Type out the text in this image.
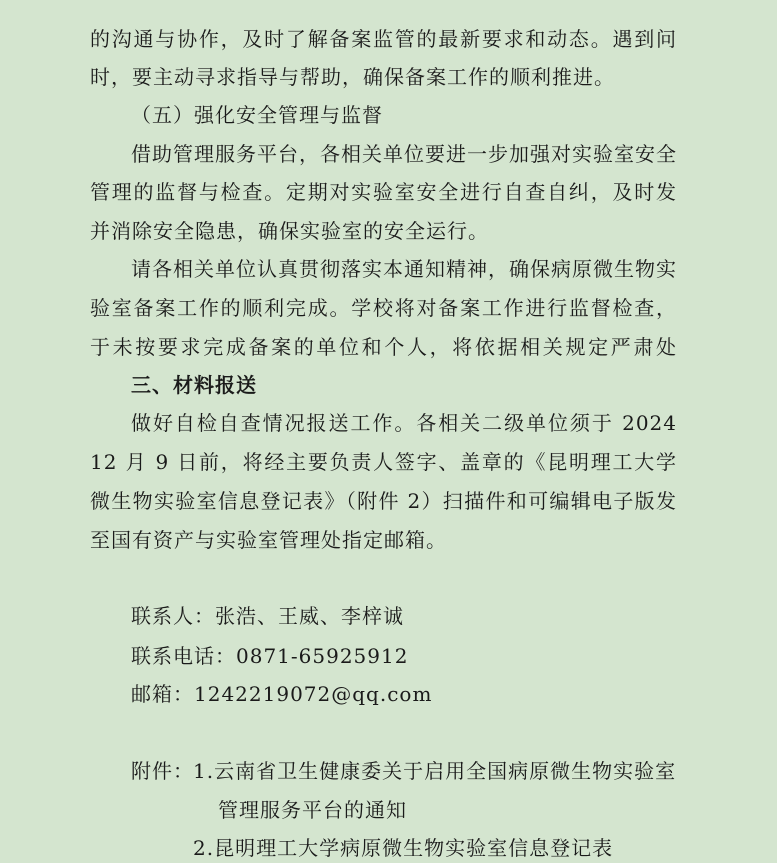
的沟通与协作，及时了解备案监管的最新要求和动态。遇到问
时，要主动寻求指导与帮助，确保备案工作的顺利推进。
（五）强化安全管理与监督
借助管理服务平台，各相关单位要进一步加强对实验室安全
管理的监督与检查。定期对实验室安全进行自查自纠，及时发
并消除安全隐患，确保实验室的安全运行。
请各相关单位认真贯彻落实本通知精神，确保病原微生物实
验室备案工作的顺利完成。学校将对备案工作进行监督检查，
于未按要求完成备案的单位和个人，将依据相关规定严肃处
三、材料报送
做好自检自查情况报送工作。各相关二级单位须于 2024
12 月 9 日前，将经主要负责人签字、盖章的《昆明理工大学
微生物实验室信息登记表》（附件 2）扫描件和可编辑电子版发
至国有资产与实验室管理处指定邮箱。
联系人：张浩、王威、李梓诚
联系电话：0871-65925912
邮箱：1242219072@qq.com
附件： 1.云南省卫生健康委关于启用全国病原微生物实验室
管理服务平台的通知
2.昆明理工大学病原微生物实验室信息登记表
